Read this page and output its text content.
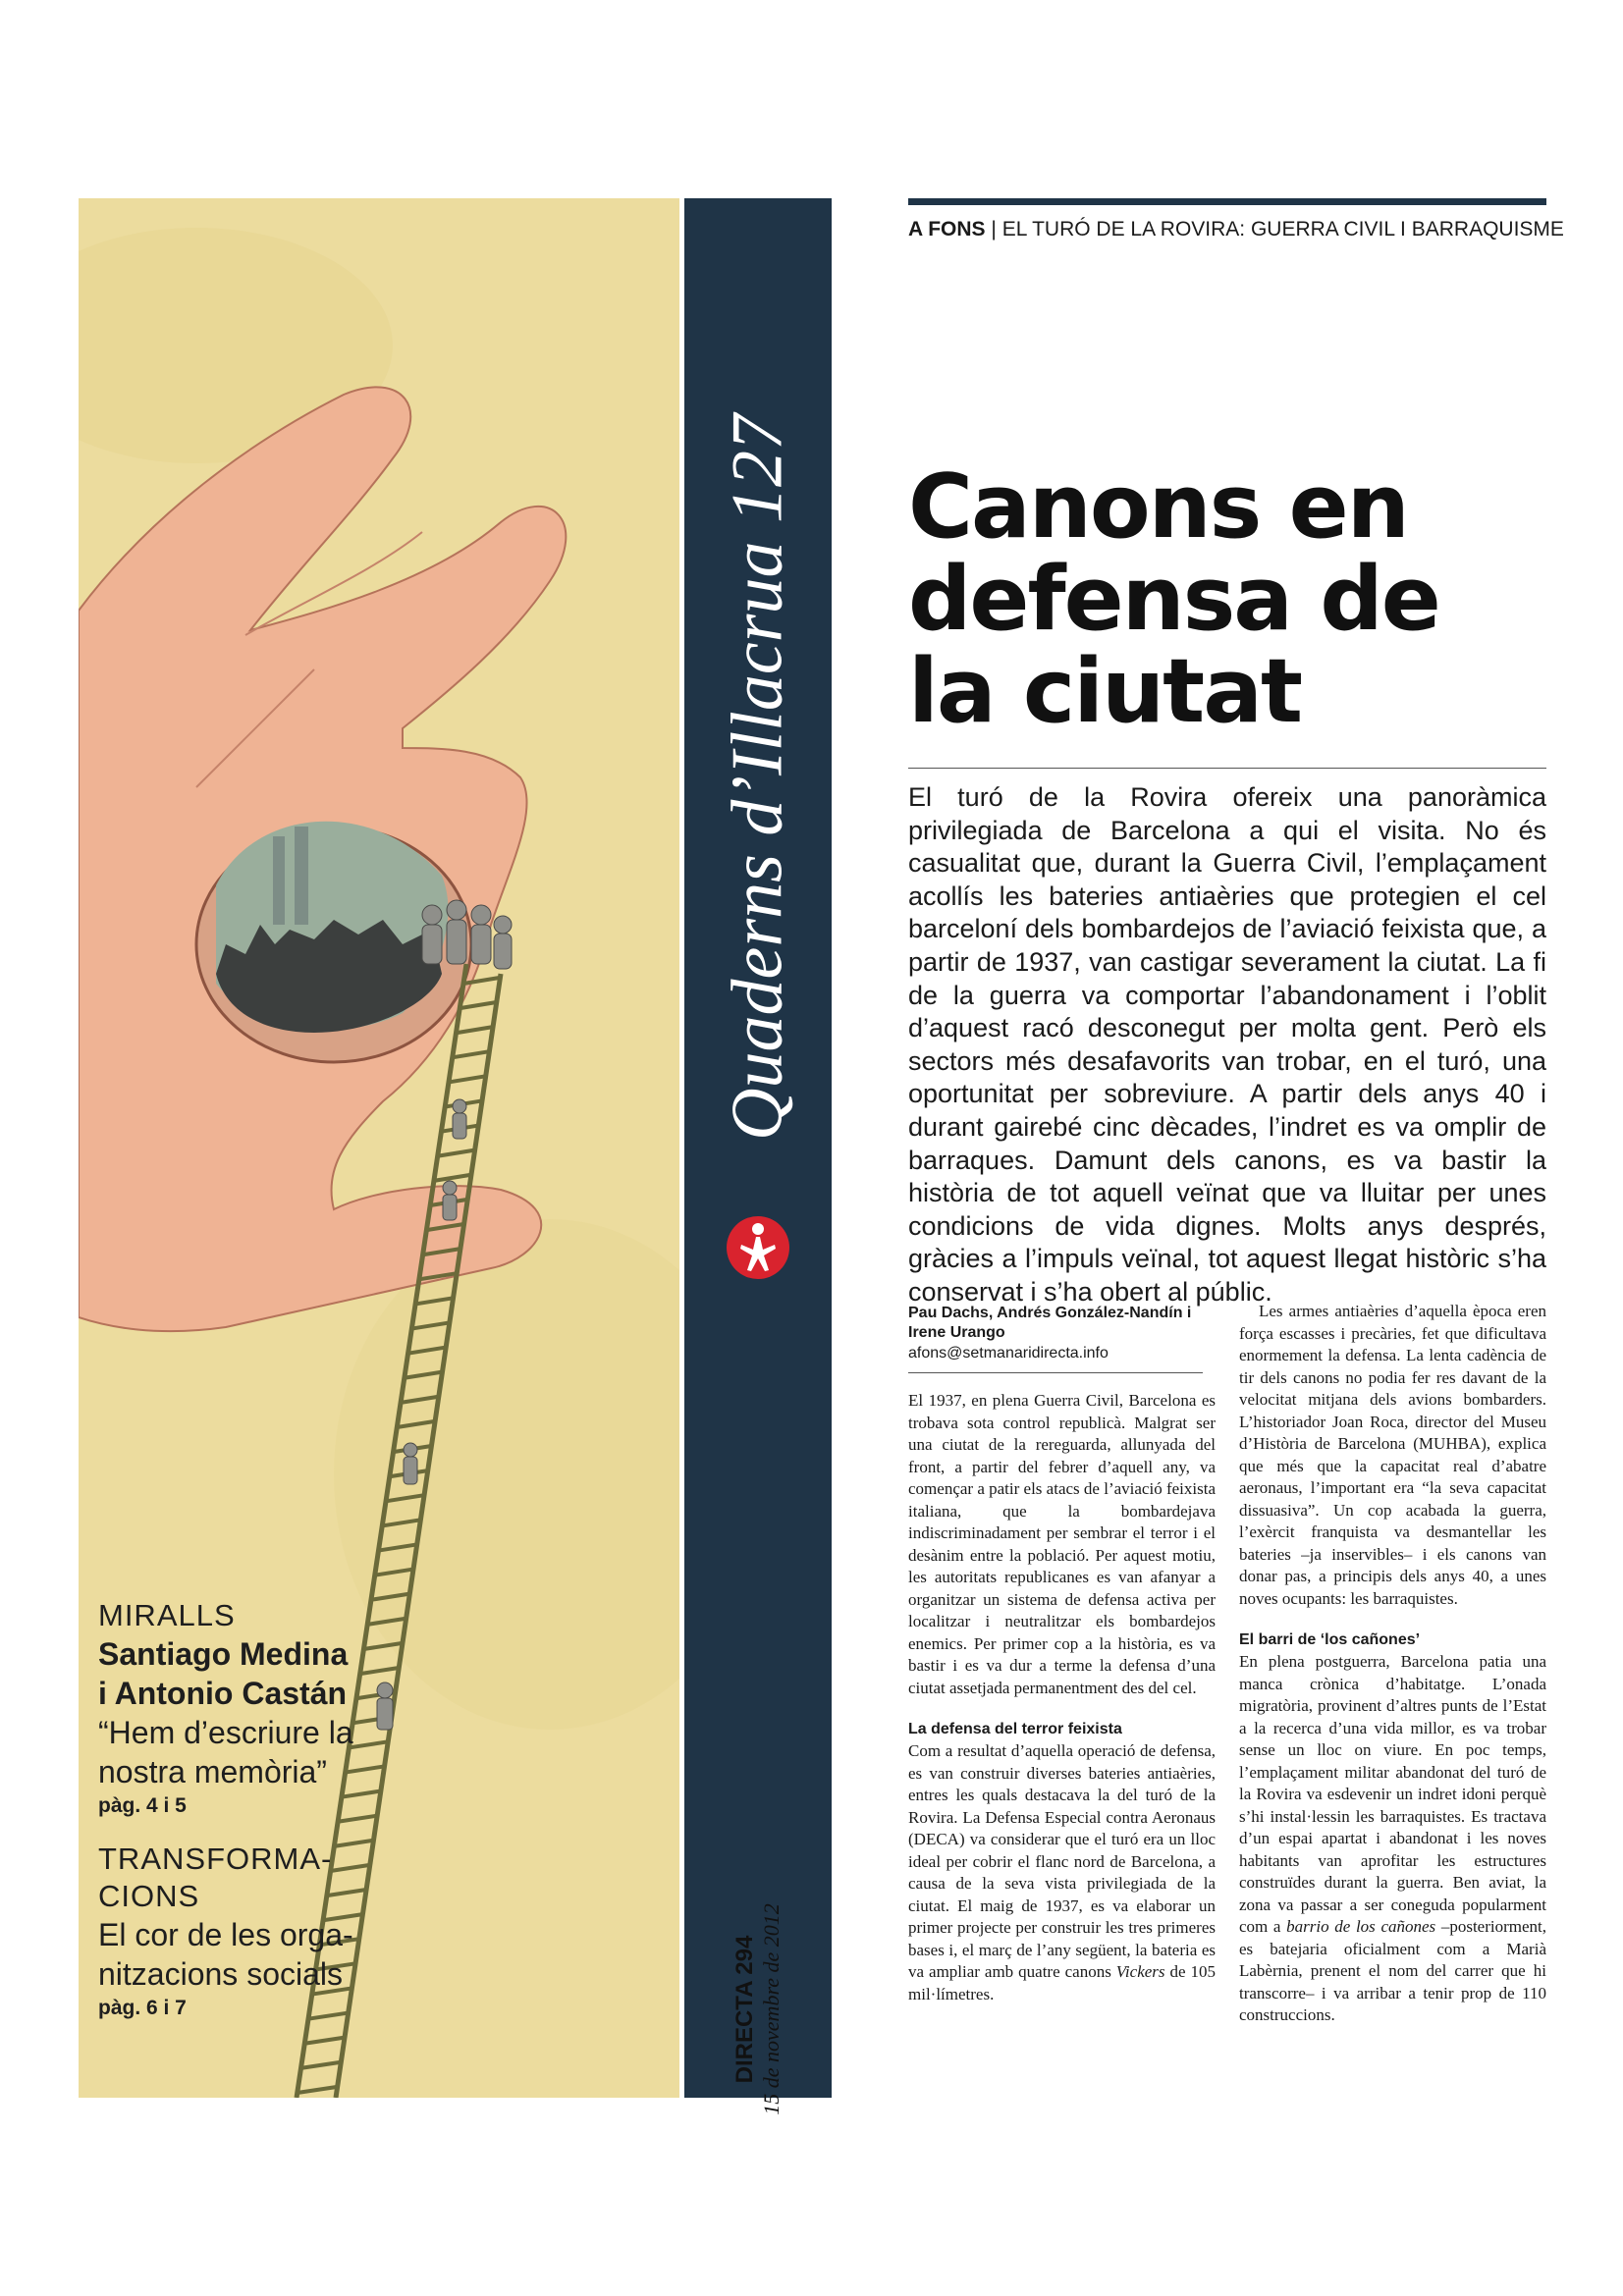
MIRALLS
Santiago Medina
i Antonio Castán
“Hem d’escriure la
nostra memòria”
pàg. 4 i 5
TRANSFORMA-
CIONS
El cor de les orga-
nitzacions socials
pàg. 6 i 7
Quaderns d’Illacrua 127
DIRECTA 294 15 de novembre de 2012
A FONS | EL TURÓ DE LA ROVIRA: GUERRA CIVIL I BARRAQUISME
Canons en
defensa de
la ciutat

El turó de la Rovira ofereix una panoràmica privilegiada de Barcelona a qui el visita. No és casualitat que, durant la Guerra Civil, l’emplaçament acollís les bateries antiaèries que protegien el cel barceloní dels bombardejos de l’aviació feixista que, a partir de 1937, van castigar severament la ciutat. La fi de la guerra va comportar l’abandonament i l’oblit d’aquest racó desconegut per molta gent. Però els sectors més desafavorits van trobar, en el turó, una oportunitat per sobreviure. A partir dels anys 40 i durant gairebé cinc dècades, l’indret es va omplir de barraques. Damunt dels canons, es va bastir la història de tot aquell veïnat que va lluitar per unes condicions de vida dignes. Molts anys després, gràcies a l’impuls veïnal, tot aquest llegat històric s’ha conservat i s’ha obert al públic.

Pau Dachs, Andrés González-Nandín i Irene Urango
afons@setmanaridirecta.info

El 1937, en plena Guerra Civil, Barcelona es trobava sota control republicà. Malgrat ser una ciutat de la rereguarda, allunyada del front, a partir del febrer d’aquell any, va començar a patir els atacs de l’aviació feixista italiana, que la bombardejava indiscriminadament per sembrar el terror i el desànim entre la població. Per aquest motiu, les autoritats republicanes es van afanyar a organitzar un sistema de defensa activa per localitzar i neutralitzar els bombardejos enemics. Per primer cop a la història, es va bastir i es va dur a terme la defensa d’una ciutat assetjada permanentment des del cel.

La defensa del terror feixista

Com a resultat d’aquella operació de defensa, es van construir diverses bateries antiaèries, entres les quals destacava la del turó de la Rovira. La Defensa Especial contra Aeronaus (DECA) va considerar que el turó era un lloc ideal per cobrir el flanc nord de Barcelona, a causa de la seva vista privilegiada de la ciutat. El maig de 1937, es va elaborar un primer projecte per construir les tres primeres bases i, el març de l’any següent, la bateria es va ampliar amb quatre canons Vickers de 105 mil·límetres.

Les armes antiaèries d’aquella època eren força escasses i precàries, fet que dificultava enormement la defensa. La lenta cadència de tir dels canons no podia fer res davant de la velocitat mitjana dels avions bombarders. L’historiador Joan Roca, director del Museu d’Història de Barcelona (MUHBA), explica que més que la capacitat real d’abatre aeronaus, l’important era “la seva capacitat dissuasiva”. Un cop acabada la guerra, l’exèrcit franquista va desmantellar les bateries –ja inservibles– i els canons van donar pas, a principis dels anys 40, a unes noves ocupants: les barraquistes.

El barri de ‘los cañones’

En plena postguerra, Barcelona patia una manca crònica d’habitatge. L’onada migratòria, provinent d’altres punts de l’Estat a la recerca d’una vida millor, es va trobar sense un lloc on viure. En poc temps, l’emplaçament militar abandonat del turó de la Rovira va esdevenir un indret idoni perquè s’hi instal·lessin les barraquistes. Es tractava d’un espai apartat i abandonat i les noves habitants van aprofitar les estructures construïdes durant la guerra. Ben aviat, la zona va passar a ser coneguda popularment com a barrio de los cañones –posteriorment, es batejaria oficialment com a Marià Labèrnia, prenent el nom del carrer que hi transcorre– i va arribar a tenir prop de 110 construccions.
